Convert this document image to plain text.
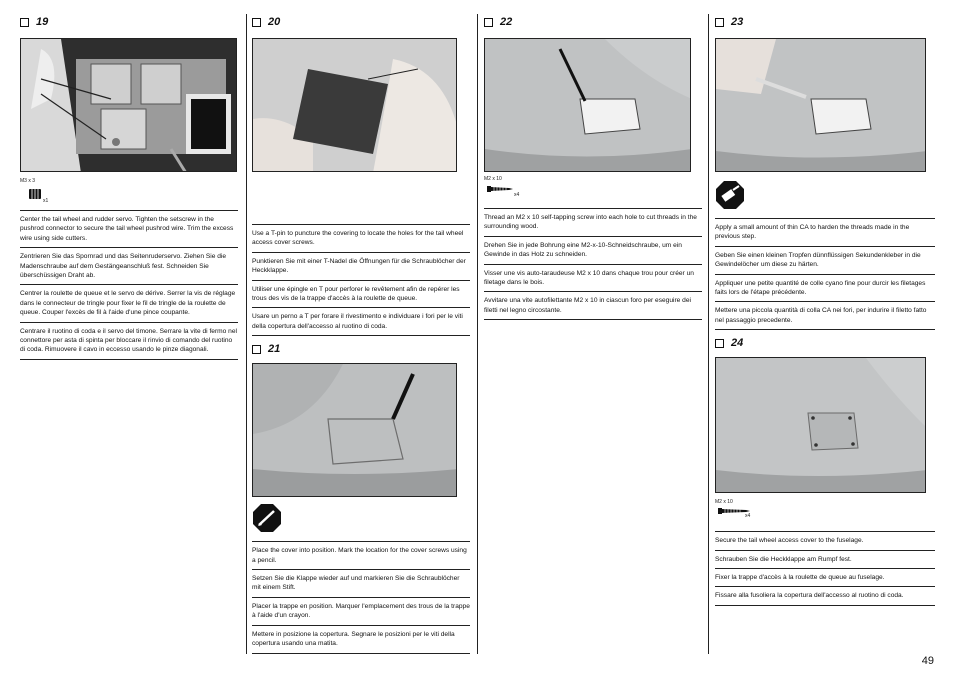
19
M3 x 3
x1

Center the tail wheel and rudder servo. Tighten the setscrew in the pushrod connector to secure the tail wheel pushrod wire. Trim the excess wire using side cutters.

Zentrieren Sie das Spornrad und das Seitenruderservo. Ziehen Sie die Madenschraube auf dem Gestängeanschluß fest. Schneiden Sie überschüssigen Draht ab.

Centrer la roulette de queue et le servo de dérive. Serrer la vis de réglage dans le connecteur de tringle pour fixer le fil de tringle de la roulette de queue. Couper l'excès de fil à l'aide d'une pince coupante.

Centrare il ruotino di coda e il servo del timone. Serrare la vite di fermo nel connettore per asta di spinta per bloccare il rinvio di comando del ruotino di coda. Rimuovere il cavo in eccesso usando le pinze diagonali.

20

Use a T-pin to puncture the covering to locate the holes for the tail wheel access cover screws.

Punktieren Sie mit einer T-Nadel die Öffnungen für die Schraublöcher der Heckklappe.

Utiliser une épingle en T pour perforer le revêtement afin de repérer les trous des vis de la trappe d'accès à la roulette de queue.

Usare un perno a T per forare il rivestimento e individuare i fori per le viti della copertura dell'accesso al ruotino di coda.

21

Place the cover into position. Mark the location for the cover screws using a pencil.

Setzen Sie die Klappe wieder auf und markieren Sie die Schraublöcher mit einem Stift.

Placer la trappe en position. Marquer l'emplacement des trous de la trappe à l'aide d'un crayon.

Mettere in posizione la copertura. Segnare le posizioni per le viti della copertura usando una matita.

22
M2 x 10
x4

Thread an M2 x 10 self-tapping screw into each hole to cut threads in the surrounding wood.

Drehen Sie in jede Bohrung eine M2-x-10-Schneidschraube, um ein Gewinde in das Holz zu schneiden.

Visser une vis auto-taraudeuse M2 x 10 dans chaque trou pour créer un filetage dans le bois.

Avvitare una vite autofilettante M2 x 10 in ciascun foro per eseguire dei filetti nel legno circostante.

23

Apply a small amount of thin CA to harden the threads made in the previous step.

Geben Sie einen kleinen Tropfen dünnflüssigen Sekundenkleber in die Gewindelöcher um diese zu härten.

Appliquer une petite quantité de colle cyano fine pour durcir les filetages faits lors de l'étape précédente.

Mettere una piccola quantità di colla CA nei fori, per indurire il filetto fatto nel passaggio precedente.

24
M2 x 10
x4

Secure the tail wheel access cover to the fuselage.

Schrauben Sie die Heckklappe am Rumpf fest.

Fixer la trappe d'accès à la roulette de queue au fuselage.

Fissare alla fusoliera la copertura dell'accesso al ruotino di coda.

49
